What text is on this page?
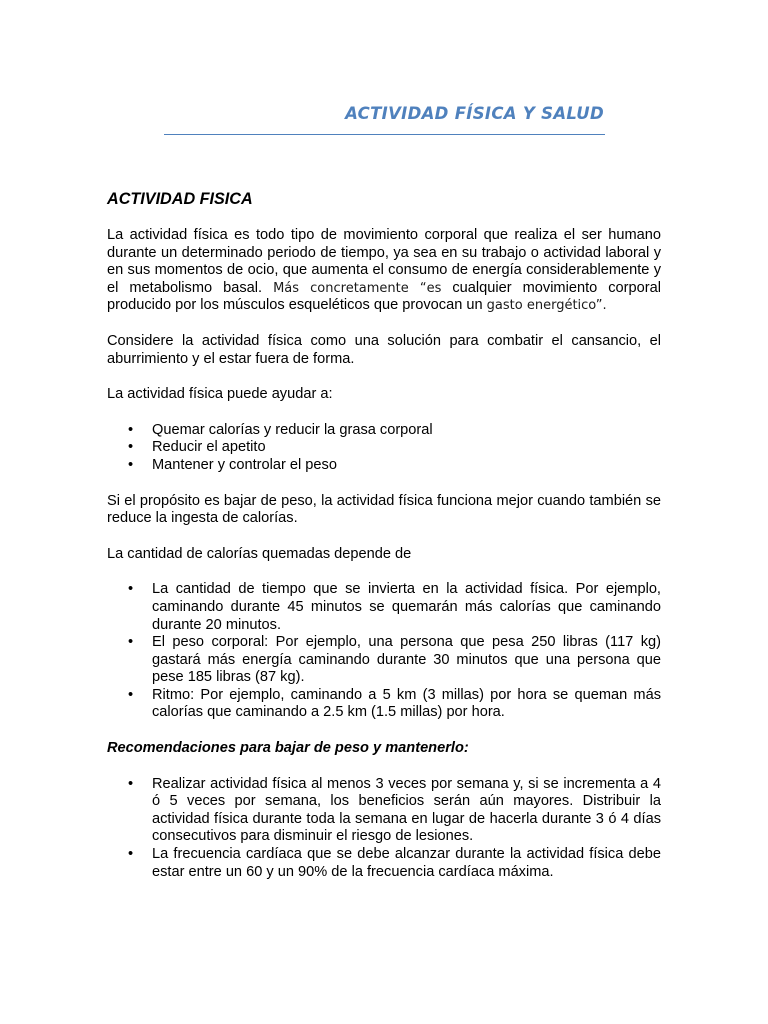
ACTIVIDAD FÍSICA Y SALUD
ACTIVIDAD FISICA

La actividad física es todo tipo de movimiento corporal que realiza el ser humano durante un determinado periodo de tiempo, ya sea en su trabajo o actividad laboral y en sus momentos de ocio, que aumenta el consumo de energía considerablemente y el metabolismo basal. Más concretamente “es cualquier movimiento corporal producido por los músculos esqueléticos que provocan un gasto energético”.

Considere la actividad física como una solución para combatir el cansancio, el aburrimiento y el estar fuera de forma.

La actividad física puede ayudar a:

• Quemar calorías y reducir la grasa corporal
• Reducir el apetito
• Mantener y controlar el peso

Si el propósito es bajar de peso, la actividad física funciona mejor cuando también se reduce la ingesta de calorías.

La cantidad de calorías quemadas depende de

• La cantidad de tiempo que se invierta en la actividad física. Por ejemplo, caminando durante 45 minutos se quemarán más calorías que caminando durante 20 minutos.
• El peso corporal: Por ejemplo, una persona que pesa 250 libras (117 kg) gastará más energía caminando durante 30 minutos que una persona que pese 185 libras (87 kg).
• Ritmo: Por ejemplo, caminando a 5 km (3 millas) por hora se queman más calorías que caminando a 2.5 km (1.5 millas) por hora.
Recomendaciones para bajar de peso y mantenerlo:
• Realizar actividad física al menos 3 veces por semana y, si se incrementa a 4 ó 5 veces por semana, los beneficios serán aún mayores. Distribuir la actividad física durante toda la semana en lugar de hacerla durante 3 ó 4 días consecutivos para disminuir el riesgo de lesiones.
• La frecuencia cardíaca que se debe alcanzar durante la actividad física debe estar entre un 60 y un 90% de la frecuencia cardíaca máxima.
